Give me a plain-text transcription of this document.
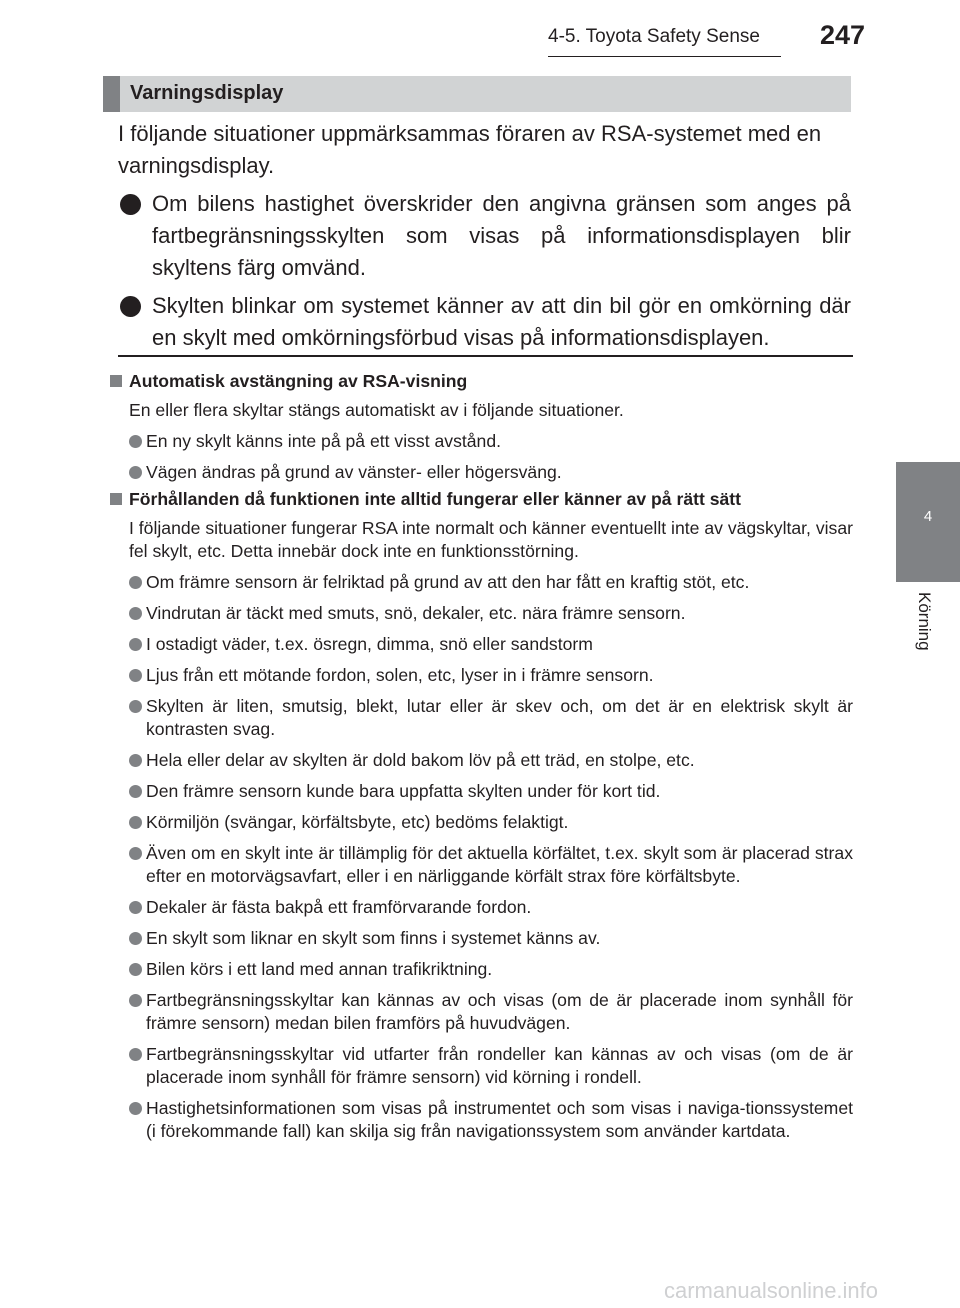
4-5. Toyota Safety Sense 247
4
Körning
Varningsdisplay

I följande situationer uppmärksammas föraren av RSA-systemet med en varningsdisplay.

Om bilens hastighet överskrider den angivna gränsen som anges på fartbegränsningsskylten som visas på informationsdisplayen blir skyltens färg omvänd.
Skylten blinkar om systemet känner av att din bil gör en omkörning där en skylt med omkörningsförbud visas på informationsdisplayen.
Automatisk avstängning av RSA-visning
En eller flera skyltar stängs automatiskt av i följande situationer.
En ny skylt känns inte på på ett visst avstånd.
Vägen ändras på grund av vänster- eller högersväng.
Förhållanden då funktionen inte alltid fungerar eller känner av på rätt sätt
I följande situationer fungerar RSA inte normalt och känner eventuellt inte av vägskyltar, visar fel skylt, etc. Detta innebär dock inte en funktionsstörning.
Om främre sensorn är felriktad på grund av att den har fått en kraftig stöt, etc.
Vindrutan är täckt med smuts, snö, dekaler, etc. nära främre sensorn.
I ostadigt väder, t.ex. ösregn, dimma, snö eller sandstorm
Ljus från ett mötande fordon, solen, etc, lyser in i främre sensorn.
Skylten är liten, smutsig, blekt, lutar eller är skev och, om det är en elektrisk skylt är kontrasten svag.
Hela eller delar av skylten är dold bakom löv på ett träd, en stolpe, etc.
Den främre sensorn kunde bara uppfatta skylten under för kort tid.
Körmiljön (svängar, körfältsbyte, etc) bedöms felaktigt.
Även om en skylt inte är tillämplig för det aktuella körfältet, t.ex. skylt som är placerad strax efter en motorvägsavfart, eller i en närliggande körfält strax före körfältsbyte.
Dekaler är fästa bakpå ett framförvarande fordon.
En skylt som liknar en skylt som finns i systemet känns av.
Bilen körs i ett land med annan trafikriktning.
Fartbegränsningsskyltar kan kännas av och visas (om de är placerade inom synhåll för främre sensorn) medan bilen framförs på huvudvägen.
Fartbegränsningsskyltar vid utfarter från rondeller kan kännas av och visas (om de är placerade inom synhåll för främre sensorn) vid körning i rondell.
Hastighetsinformationen som visas på instrumentet och som visas i naviga-tionssystemet (i förekommande fall) kan skilja sig från navigationssystem som använder kartdata.
carmanualsonline.info
